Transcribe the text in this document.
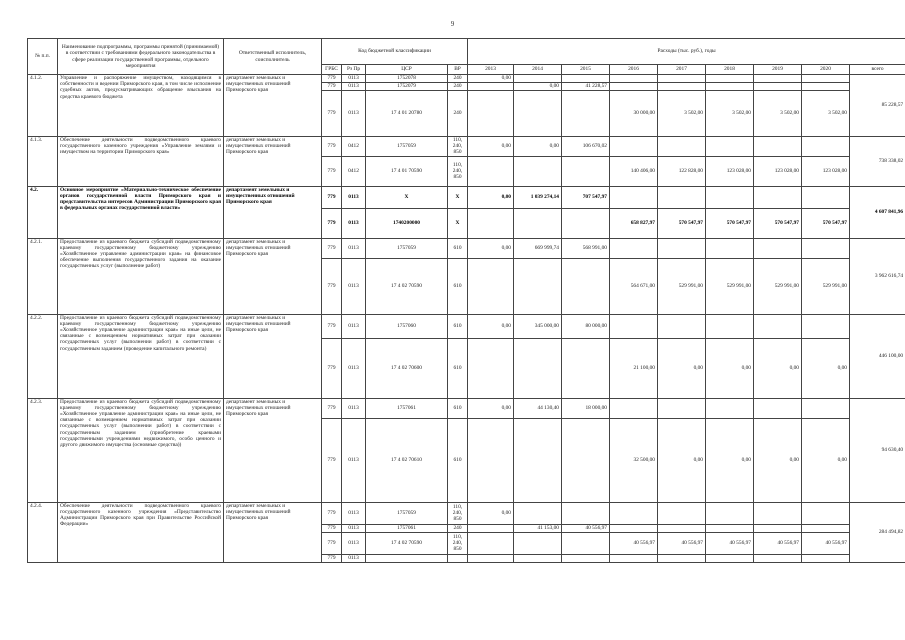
9
№ п.п.	Наименование подпрограммы, программы принятой (принимаемой) в соответствии с требованиями федерального законодательства в сфере реализации государственной программы, отдельного мероприятия	Ответственный исполнитель, соисполнитель	Код бюджетной классификации				Расходы (тыс. руб.), годы								
			ГРБС	Рз Пр	ЦСР	ВР	2013	2014	2015	2016	2017	2018	2019	2020	всего
4.1.2.	Управление и распоряжение имуществом, находящимся в собственности и ведении Приморского края, в том числе исполнение судебных актов, предусматривающих обращение взыскания на средства краевого бюджета	департамент земельных и имущественных отношений Приморского края	779	0113	1752078	240	0,00								85 228,57
			779	0113	1752079	240		0,00	41 228,57						
			779	0113	17 4 01 20780	240				30 000,00	3 502,00	3 502,00	3 502,00	3 502,00	
4.1.3.	Обеспечение деятельности подведомственного краевого государственного казенного учреждения «Управление землями и имуществом на территории Приморского края»	департамент земельных и имущественных отношений Приморского края	779	0412	1757059	110,
240,
850	0,00	0,00	106 670,02						738 338,02
			779	0412	17 4 01 70590	110,
240,
850				140 406,00	122 828,00	123 028,00	123 028,00	123 028,00	
4.2.	Основное мероприятие «Материально-техническое обеспечение органов государственной власти Приморского края и представительства интересов Администрации Приморского края в федеральных органах государственной власти»	департамент земельных и имущественных отношений Приморского края	779	0113	X	X	0,00	1 039 274,14	707 547,97						4 607 841,96
			779	0113	1740200000	X				658 827,97	570 547,97	570 547,97	570 547,97	570 547,97	
4.2.1.	Предоставление из краевого бюджета субсидий подведомственному краевому государственному бюджетному учреждению «Хозяйственное управление администрации края» на финансовое обеспечение выполнения государственного задания на оказание государственных услуг (выполнение работ)	департамент земельных и имущественных отношений Приморского края	779	0113	1757059	610	0,00	669 999,74	568 991,00						3 962 616,74
			779	0113	17 4 02 70590	610				564 671,00	529 991,00	529 991,00	529 991,00	529 991,00	
4.2.2.	Предоставление из краевого бюджета субсидий подведомственному краевому государственному бюджетному учреждению «Хозяйственное управление администрации края» на иные цели, не связанные с возмещением нормативных затрат при оказании государственных услуг (выполнении работ) в соответствии с государственным заданием (проведение капитального ремонта)	департамент земельных и имущественных отношений Приморского края	779	0113	1757060	610	0,00	345 000,00	80 000,00						446 100,00
			779	0113	17 4 02 70600	610				21 100,00	0,00	0,00	0,00	0,00	
4.2.3.	Предоставление из краевого бюджета субсидий подведомственному краевому государственному бюджетному учреждению «Хозяйственное управление администрации края» на иные цели, не связанные с возмещением нормативных затрат при оказании государственных услуг (выполнении работ) в соответствии с государственным заданием (приобретение краевыми государственными учреждениями недвижимого, особо ценного и другого движимого имущества (основные средства))	департамент земельных и имущественных отношений Приморского края	779	0113	1757061	610	0,00	44 130,40	18 000,00						94 630,40
			779	0113	17 4 02 70610	610				32 500,00	0,00	0,00	0,00	0,00	
4.2.4.	Обеспечение деятельности подведомственного краевого государственного казенного учреждения «Представительство Администрации Приморского края при Правительстве Российской Федерации»	департамент земельных и имущественных отношений Приморского края	779	0113	1757059	110,
240,
850	0,00								284 494,82
			779	0113	1757061	240		41 153,00	40 556,97						
			779	0113	17 4 02 70590	110,
240,
850				40 556,97	40 556,97	40 556,97	40 556,97	40 556,97	
			779	0113											
